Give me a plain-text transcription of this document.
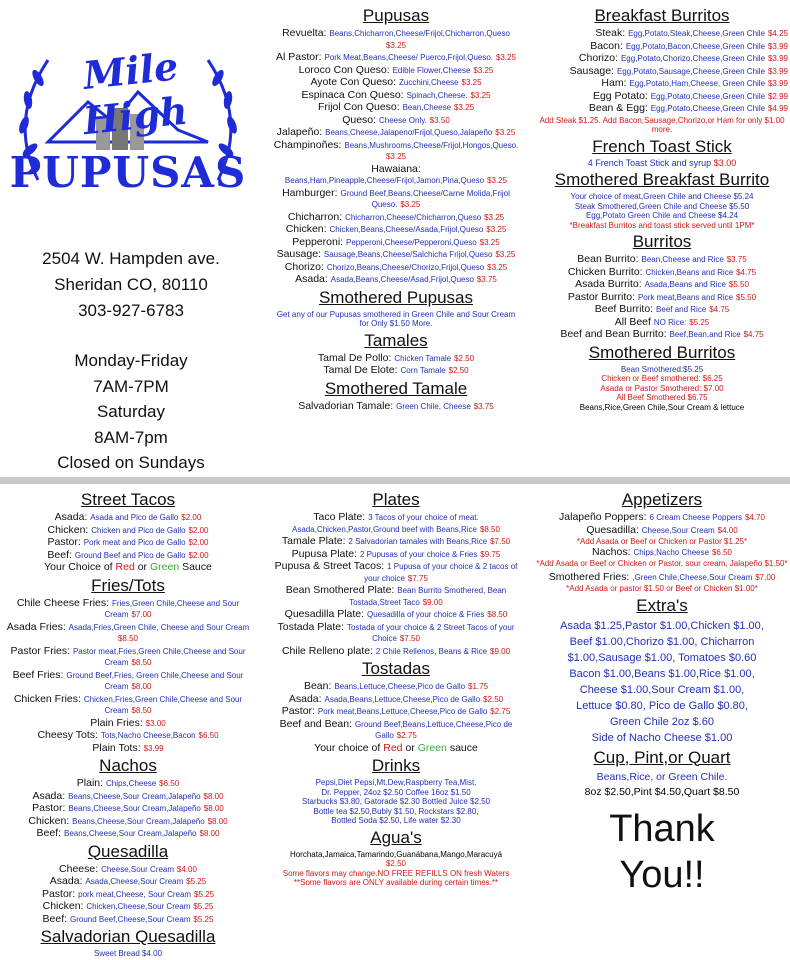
Mile High
PUPUSAS
2504 W. Hampden ave.
Sheridan CO, 80110
303-927-6783
Monday-Friday
7AM-7PM
Saturday
8AM-7pm
Closed on Sundays
Pupusas
Revuelta: Beans,Chicharron,Cheese/Frijol,Chicharron,Queso $3.25
Al Pastor: Pork Meat,Beans,Cheese/ Puerco,Frijol,Queso. $3.25
Loroco Con Queso: Edible Flower,Cheese $3.25
Ayote Con Queso: Zucchini,Cheese $3.25
Espinaca Con Queso: Spinach,Cheese. $3.25
Frijol Con Queso: Bean,Cheese $3.25
Queso: Cheese Only. $3.50
Jalapeño: Beans,Cheese,Jalapeno/Frijol,Queso,Jalapeño $3.25
Champinoñes: Beans,Mushrooms,Cheese/Frijol,Hongos,Queso. $3.25
Hawaiana: Beans,Ham,Pineapple,Cheese/Frijol,Jamon,Pina,Queso $3.25
Hamburger: Ground Beef,Beans,Cheese/Carne Molida,Frijol Queso. $3.25
Chicharron: Chicharron,Cheese/Chicharron,Queso $3.25
Chicken: Chicken,Beans,Cheese/Asada,Frijol,Queso $3.25
Pepperoni: Pepperoni,Cheese/Pepperoni,Queso $3.25
Sausage: Sausage,Beans,Cheese/Salchicha Frijol,Queso $3.25
Chorizo: Chorizo,Beans,Cheese/Chorizo,Frijol,Queso $3.25
Asada: Asada,Beans,Cheese/Asad,Frijol,Queso $3.75
Smothered Pupusas
Get any of our Pupusas smothered in Green Chile and Sour Cream for Only $1.50 More.
Tamales
Tamal De Pollo: Chicken Tamale $2.50
Tamal De Elote: Corn Tamale $2.50
Smothered Tamale
Salvadorian Tamale: Green Chile, Cheese $3.75
Breakfast Burritos
Steak: Egg,Potato,Steak,Cheese,Green Chile $4.25
Bacon: Egg,Potato,Bacon,Cheese,Green Chile $3.99
Chorizo: Egg,Potato,Chorizo,Cheese,Green Chile $3.99
Sausage: Egg,Potato,Sausage,Cheese,Green Chile $3.99
Ham: Egg,Potato,Ham,Cheese, Green Chile $3.99
Egg Potato: Egg,Potato,Cheese,Green Chile $2.99
Bean & Egg: Egg,Potato,Cheese,Green Chile $4.99
Add Steak $1.25. Add Bacon,Sausage,Chorizo,or Ham for only $1.00 more.
French Toast Stick
4 French Toast Stick and syrup $3.00
Smothered Breakfast Burrito
Your choice of meat,Green Chile and Cheese $5.24
Steak Smothered,Green Chile and Cheese $5.50
Egg,Potato Green Chile and Cheese $4.24
*Breakfast Burritos and toast stick served until 1PM*
Burritos
Bean Burrito: Bean,Cheese and Rice $3.75
Chicken Burrito: Chicken,Beans and Rice $4.75
Asada Burrito: Asada,Beans and Rice $5.50
Pastor Burrito: Pork meat,Beans and Rice $5.50
Beef Burrito: Beef and Rice $4.75
All Beef NO Rice: $5.25
Beef and Bean Burrito: Beef,Bean,and Rice $4.75
Smothered Burritos
Bean Smothered:$5.25
Chicken or Beef smothered: $6.25
Asada or Pastor Smothered: $7.00
All Beef Smothered $6.75
Beans,Rice,Green Chile,Sour Cream & lettuce
Street Tacos
Asada: Asada and Pico de Gallo $2.00
Chicken: Chicken and Pico de Gallo $2.00
Pastor: Pork meat and Pico de Gallo $2.00
Beef: Ground Beef and Pico de Gallo $2.00
Your Choice of Red or Green Sauce
Fries/Tots
Chile Cheese Fries: Fries,Green Chile,Cheese and Sour Cream $7.00
Asada Fries: Asada,Fries,Green Chile, Cheese and Sour Cream $8.50
Pastor Fries: Pastor meat,Fries,Green Chile,Cheese and Sour Cream $8.50
Beef Fries: Ground Beef,Fries, Green Chile,Cheese and Sour Cream $8.00
Chicken Fries: Chicken,Fries,Green Chile,Cheese and Sour Cream $8.50
Plain Fries: $3.00
Cheesy Tots: Tots,Nacho Cheese,Bacon $6.50
Plain Tots: $3.99
Nachos
Plain: Chips,Cheese $6.50
Asada: Beans,Cheese,Sour Cream,Jalapeño $8.00
Pastor: Beans,Cheese,Sour Cream,Jalapeño $8.00
Chicken: Beans,Cheese,Sour Cream,Jalapeño $8.00
Beef: Beans,Cheese,Sour Cream,Jalapeño $8.00
Quesadilla
Cheese: Cheese,Sour Cream $4.00
Asada: Asada,Cheese,Sour Cream $5.25
Pastor: pork meat,Cheese, Sour Cream $5.25
Chicken: Chicken,Cheese,Sour Cream $5.25
Beef: Ground Beef,Cheese,Sour Cream $5.25
Salvadorian Quesadilla
Sweet Bread $4.00
Plates
Taco Plate: 3 Tacos of your choice of meat. Asada,Chicken,Pastor,Ground beef with Beans,Rice $8.50
Tamale Plate: 2 Salvadorian tamales with Beans,Rice $7.50
Pupusa Plate: 2 Pupusas of your choice & Fries $9.75
Pupusa & Street Tacos: 1 Pupusa of your choice & 2 tacos of your choice $7.75
Bean Smothered Plate: Bean Burrito Smothered, Bean Tostada,Street Taco $9.00
Quesadilla Plate: Quesadilla of your choice & Fries $8.50
Tostada Plate: Tostada of your choice & 2 Street Tacos of your Choice $7.50
Chile Relleno plate: 2 Chile Rellenos, Beans & Rice $9.00
Tostadas
Bean: Beans,Lettuce,Cheese,Pico de Gallo $1.75
Asada: Asada,Beans,Lettuce,Cheese,Pico de Gallo $2.50
Pastor: Pork meat,Beans,Lettuce,Cheese,Pico de Gallo $2.75
Beef and Bean: Ground Beef,Beans,Lettuce,Cheese,Pico de Gallo $2.75
Your choice of Red or Green sauce
Drinks
Pepsi,Diet Pepsi,Mt.Dew,Raspberry Tea,Mist,
Dr. Pepper, 24oz $2.50 Coffee 16oz $1.50
Starbucks $3.80, Gatorade $2.30 Bottled Juice $2.50
Bottle tea $2.50,Bubly $1.50, Rockstars $2.80,
Bottled Soda $2.50, Life water $2.30
Agua's
Horchata,Jamaica,Tamarindo,Guanábana,Mango,Maracuyá
$2.50
Some flavors may change.NO FREE REFILLS ON fresh Waters
**Some flavors are ONLY available during certain times.**
Appetizers
Jalapeño Poppers: 6 Cream Cheese Poppers $4.70
Quesadilla: Cheese,Sour Cream $4.00
*Add Asada or Beef or Chicken or Pastor $1.25*
Nachos: Chips,Nacho Cheese $6.50
*Add Asada or Beef or Chicken or Pastor, sour cream, Jalapeño $1.50*
Smothered Fries: ,Green Chile,Cheese,Sour Cream $7.00
*Add Asada or pastor $1.50 or Beef or Chicken $1.00*
Extra's
Asada $1.25,Pastor $1.00,Chicken $1.00,
Beef $1.00,Chorizo $1.00, Chicharron
$1.00,Sausage $1.00, Tomatoes $0.60
Bacon $1.00,Beans $1.00,Rice $1.00,
Cheese $1.00,Sour Cream $1.00,
Lettuce $0.80, Pico de Gallo $0.80,
Green Chile 2oz $.60
Side of Nacho Cheese $1.00
Cup, Pint,or Quart
Beans,Rice, or Green Chile.
8oz $2.50,Pint $4.50,Quart $8.50
Thank
You!!
